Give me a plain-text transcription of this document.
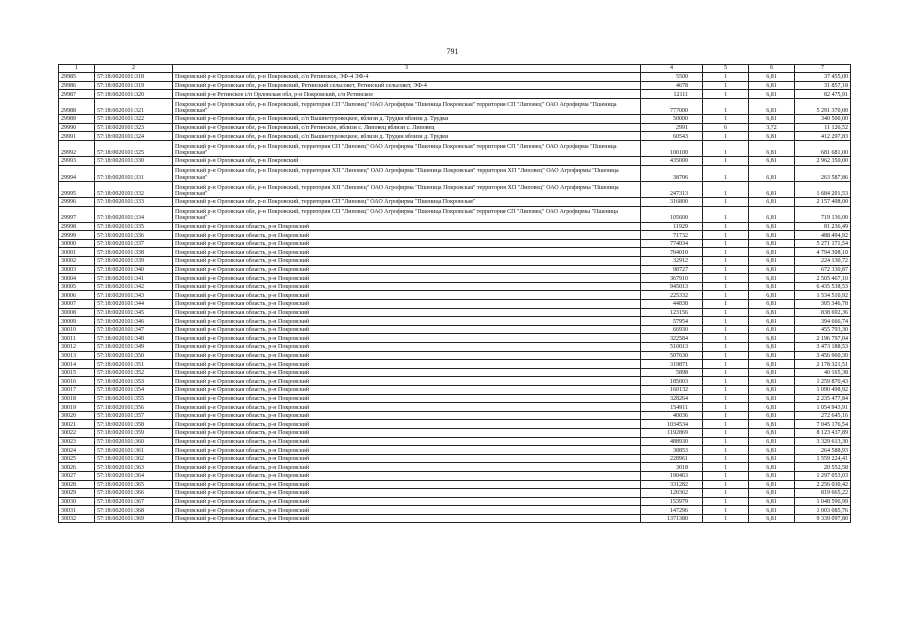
791
1	2	3	4	5	6	7
29985	57:18:0020101:318	Покровский р-н Орловская обл, р-н Покровский, с/п Ретинское, ЭФ-4 ЭФ-4	5500	1	6,81	37 455,00
29986	57:18:0020101:319	Покровский р-н Орловская обл, р-н Покровский, Ретинский сельсовет, Ретинский сельсовет, ЭФ-4	4678	1	6,81	31 857,18
29987	57:18:0020101:320	Покровский р-н Ретинское с/п Орловская обл, р-н Покровский, с/п Ретинское	12111	1	6,81	82 475,91
29988	57:18:0020101:321	Покровский р-н Орловская обл, р-н Покровский, территория СП "Липовец" ОАО Агрофирма "Пшеница Покровская" территория СП "Липовец" ОАО Агрофирма "Пшеница Покровская"	777000	1	6,81	5 291 370,00
29989	57:18:0020101:322	Покровский р-н Орловская обл, р-н Покровский, с/п Вышнетуровецкое, вблизи д. Трудки вблизи д. Трудки	50000	1	6,81	340 500,00
29990	57:18:0020101:323	Покровский р-н Орловская обл, р-н Покровский, с/п Ретинское, вблизи с. Липовец вблизи с. Липовец	2991	6	3,72	11 126,52
29991	57:18:0020101:324	Покровский р-н Орловская обл, р-н Покровский, с/п Вышнетуровецкое, вблизи д. Трудки вблизи д. Трудки	60543	1	6,81	412 297,83
29992	57:18:0020101:325	Покровский р-н Орловская обл, р-н Покровский, территория СП "Липовец" ОАО Агрофирма "Пшеница Покровская" территория СП "Липовец" ОАО Агрофирма "Пшеница Покровская"	100100	1	6,81	681 681,00
29993	57:18:0020101:330	Покровский р-н Орловская обл, р-н Покровский	435000	1	6,81	2 962 350,00
29994	57:18:0020101:331	Покровский р-н Орловская обл, р-н Покровский, территория ХП "Липовец" ОАО Агрофирма "Пшеница Покровская" территория ХП "Липовец" ОАО Агрофирмы "Пшеница Покровская"	38706	1	6,81	263 587,86
29995	57:18:0020101:332	Покровский р-н Орловская обл, р-н Покровский, территория ХП "Липовец" ОАО Агрофирма "Пшеница Покровская" территория ХП "Липовец" ОАО Агрофирмы "Пшеница Покровская"	247313	1	6,81	1 684 201,53
29996	57:18:0020101:333	Покровский р-н Орловская обл, р-н Покровский, территория СП "Липовец" ОАО Агрофирма "Пшеница Покровская"	316800	1	6,81	2 157 408,00
29997	57:18:0020101:334	Покровский р-н Орловская обл, р-н Покровский, территория СП "Липовец" ОАО Агрофирма "Пшеница Покровская" территория СП "Липовец" ОАО Агрофирмы "Пшеница Покровская"	105600	1	6,81	719 136,00
29998	57:18:0020101:335	Покровский р-н Орловская область, р-н Покровский	11929	1	6,81	81 236,49
29999	57:18:0020101:336	Покровский р-н Орловская область, р-н Покровский	71732	1	6,81	488 494,92
30000	57:18:0020101:337	Покровский р-н Орловская область, р-н Покровский	774034	1	6,81	5 271 171,54
30001	57:18:0020101:338	Покровский р-н Орловская область, р-н Покровский	704010	1	6,81	4 794 308,10
30002	57:18:0020101:339	Покровский р-н Орловская область, р-н Покровский	32912	1	6,81	224 130,72
30003	57:18:0020101:340	Покровский р-н Орловская область, р-н Покровский	98727	1	6,81	672 330,87
30004	57:18:0020101:341	Покровский р-н Орловская область, р-н Покровский	367910	1	6,81	2 505 467,10
30005	57:18:0020101:342	Покровский р-н Орловская область, р-н Покровский	945013	1	6,81	6 435 538,53
30006	57:18:0020101:343	Покровский р-н Орловская область, р-н Покровский	225332	1	6,81	1 534 510,92
30007	57:18:0020101:344	Покровский р-н Орловская область, р-н Покровский	44838	1	6,81	305 346,78
30008	57:18:0020101:345	Покровский р-н Орловская область, р-н Покровский	123156	1	6,81	838 692,36
30009	57:18:0020101:346	Покровский р-н Орловская область, р-н Покровский	57954	1	6,81	394 666,74
30010	57:18:0020101:347	Покровский р-н Орловская область, р-н Покровский	66930	1	6,81	455 793,30
30011	57:18:0020101:348	Покровский р-н Орловская область, р-н Покровский	322584	1	6,81	2 196 797,04
30012	57:18:0020101:349	Покровский р-н Орловская область, р-н Покровский	510013	1	6,81	3 473 188,53
30013	57:18:0020101:350	Покровский р-н Орловская область, р-н Покровский	507630	1	6,81	3 456 960,30
30014	57:18:0020101:351	Покровский р-н Орловская область, р-н Покровский	319871	1	6,81	2 178 321,51
30015	57:18:0020101:352	Покровский р-н Орловская область, р-н Покровский	5898	1	6,81	40 165,38
30016	57:18:0020101:353	Покровский р-н Орловская область, р-н Покровский	185003	1	6,81	1 259 870,43
30017	57:18:0020101:354	Покровский р-н Орловская область, р-н Покровский	160132	1	6,81	1 090 498,92
30018	57:18:0020101:355	Покровский р-н Орловская область, р-н Покровский	328264	1	6,81	2 235 477,84
30019	57:18:0020101:356	Покровский р-н Орловская область, р-н Покровский	154911	1	6,81	1 054 943,91
30020	57:18:0020101:357	Покровский р-н Орловская область, р-н Покровский	40036	1	6,81	272 645,16
30021	57:18:0020101:358	Покровский р-н Орловская область, р-н Покровский	1034534	1	6,81	7 045 176,54
30022	57:18:0020101:359	Покровский р-н Орловская область, р-н Покровский	1192869	1	6,81	8 123 437,89
30023	57:18:0020101:360	Покровский р-н Орловская область, р-н Покровский	488930	1	6,81	3 329 613,30
30024	57:18:0020101:361	Покровский р-н Орловская область, р-н Покровский	38853	1	6,81	264 588,93
30025	57:18:0020101:362	Покровский р-н Орловская область, р-н Покровский	228961	1	6,81	1 559 224,41
30026	57:18:0020101:363	Покровский р-н Орловская область, р-н Покровский	3018	1	6,81	20 552,58
30027	57:18:0020101:364	Покровский р-н Орловская область, р-н Покровский	190463	1	6,81	1 297 053,03
30028	57:18:0020101:365	Покровский р-н Орловская область, р-н Покровский	331282	1	6,81	2 256 030,42
30029	57:18:0020101:366	Покровский р-н Орловская область, р-н Покровский	120362	1	6,81	819 665,22
30030	57:18:0020101:367	Покровский р-н Орловская область, р-н Покровский	153979	1	6,81	1 048 596,99
30031	57:18:0020101:368	Покровский р-н Орловская область, р-н Покровский	147296	1	6,81	1 003 085,76
30032	57:18:0020101:369	Покровский р-н Орловская область, р-н Покровский	1371380	1	6,81	9 339 097,80
